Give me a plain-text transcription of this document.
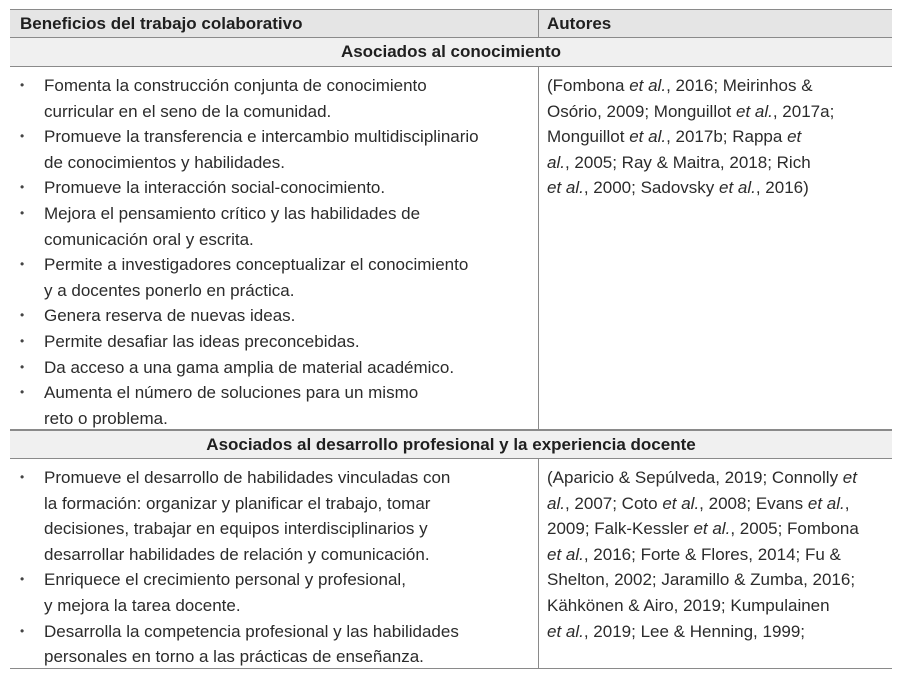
Beneficios del trabajo colaborativo	Autores
Asociados al conocimiento
• Fomenta la construcción conjunta de conocimiento
curricular en el seno de la comunidad.
• Promueve la transferencia e intercambio multidisciplinario
de conocimientos y habilidades.
• Promueve la interacción social-conocimiento.
• Mejora el pensamiento crítico y las habilidades de
comunicación oral y escrita.
• Permite a investigadores conceptualizar el conocimiento
y a docentes ponerlo en práctica.
• Genera reserva de nuevas ideas.
• Permite desafiar las ideas preconcebidas.
• Da acceso a una gama amplia de material académico.
• Aumenta el número de soluciones para un mismo
reto o problema.
(Fombona et al., 2016; Meirinhos &
Osório, 2009; Monguillot et al., 2017a;
Monguillot et al., 2017b; Rappa et
al., 2005; Ray & Maitra, 2018; Rich
et al., 2000; Sadovsky et al., 2016)
Asociados al desarrollo profesional y la experiencia docente
• Promueve el desarrollo de habilidades vinculadas con
la formación: organizar y planificar el trabajo, tomar
decisiones, trabajar en equipos interdisciplinarios y
desarrollar habilidades de relación y comunicación.
• Enriquece el crecimiento personal y profesional,
y mejora la tarea docente.
• Desarrolla la competencia profesional y las habilidades
personales en torno a las prácticas de enseñanza.
(Aparicio & Sepúlveda, 2019; Connolly et
al., 2007; Coto et al., 2008; Evans et al.,
2009; Falk-Kessler et al., 2005; Fombona
et al., 2016; Forte & Flores, 2014; Fu &
Shelton, 2002; Jaramillo & Zumba, 2016;
Kähkönen & Airo, 2019; Kumpulainen
et al., 2019; Lee & Henning, 1999;
